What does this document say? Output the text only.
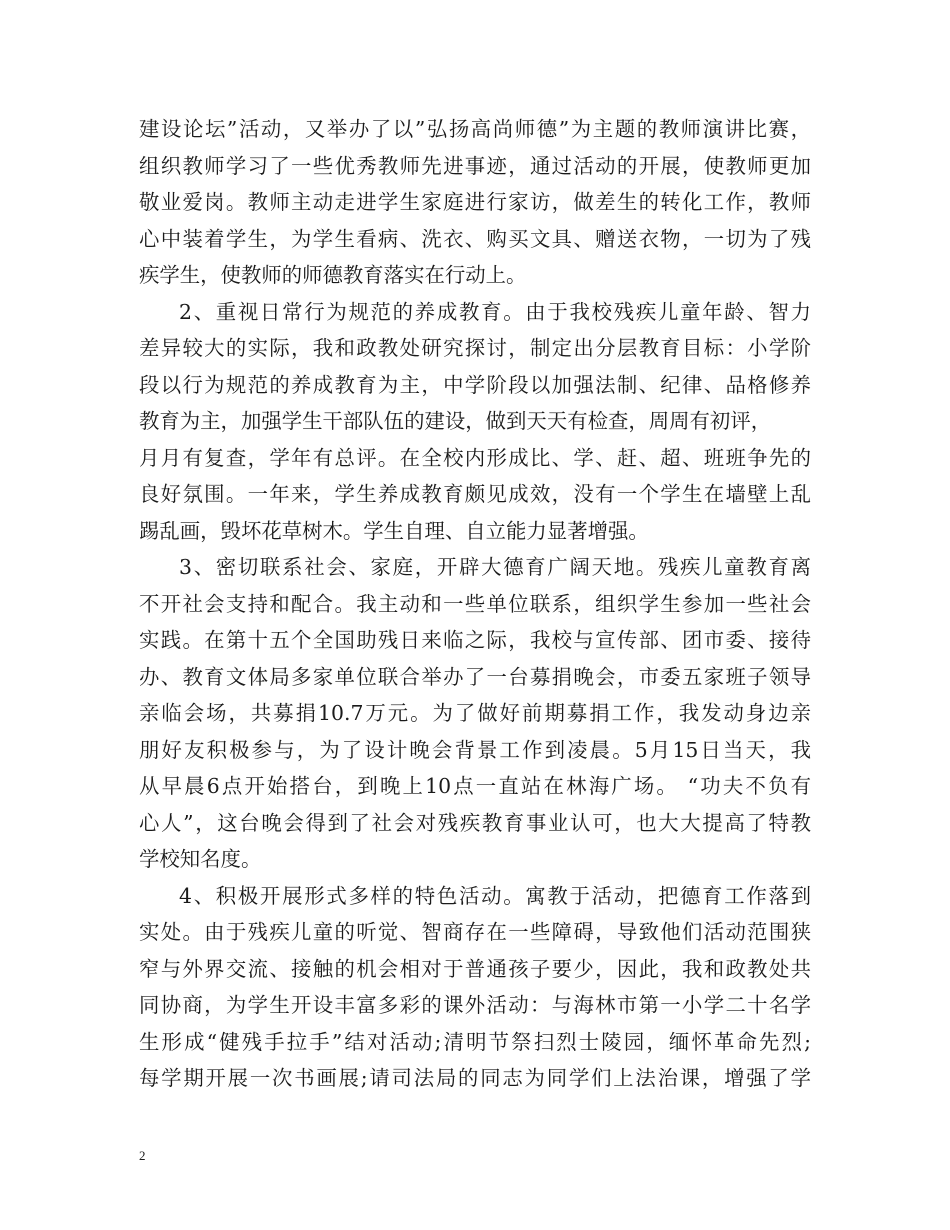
建设论坛”活动，又举办了以”弘扬高尚师德”为主题的教师演讲比赛，
组织教师学习了一些优秀教师先进事迹，通过活动的开展，使教师更加
敬业爱岗。教师主动走进学生家庭进行家访，做差生的转化工作，教师
心中装着学生，为学生看病、洗衣、购买文具、赠送衣物，一切为了残
疾学生，使教师的师德教育落实在行动上。
2、重视日常行为规范的养成教育。由于我校残疾儿童年龄、智力
差异较大的实际，我和政教处研究探讨，制定出分层教育目标：小学阶
段以行为规范的养成教育为主，中学阶段以加强法制、纪律、品格修养
教育为主，加强学生干部队伍的建设，做到天天有检查，周周有初评，
月月有复查，学年有总评。在全校内形成比、学、赶、超、班班争先的
良好氛围。一年来，学生养成教育颇见成效，没有一个学生在墙壁上乱
踢乱画，毁坏花草树木。学生自理、自立能力显著增强。
3、密切联系社会、家庭，开辟大德育广阔天地。残疾儿童教育离
不开社会支持和配合。我主动和一些单位联系，组织学生参加一些社会
实践。在第十五个全国助残日来临之际，我校与宣传部、团市委、接待
办、教育文体局多家单位联合举办了一台募捐晚会，市委五家班子领导
亲临会场，共募捐10.7万元。为了做好前期募捐工作，我发动身边亲
朋好友积极参与，为了设计晚会背景工作到凌晨。5月15日当天，我
从早晨6点开始搭台，到晚上10点一直站在林海广场。 “功夫不负有
心人”，这台晚会得到了社会对残疾教育事业认可，也大大提高了特教
学校知名度。
4、积极开展形式多样的特色活动。寓教于活动，把德育工作落到
实处。由于残疾儿童的听觉、智商存在一些障碍，导致他们活动范围狭
窄与外界交流、接触的机会相对于普通孩子要少，因此，我和政教处共
同协商，为学生开设丰富多彩的课外活动：与海林市第一小学二十名学
生形成“健残手拉手”结对活动;清明节祭扫烈士陵园，缅怀革命先烈;
每学期开展一次书画展;请司法局的同志为同学们上法治课，增强了学
2
